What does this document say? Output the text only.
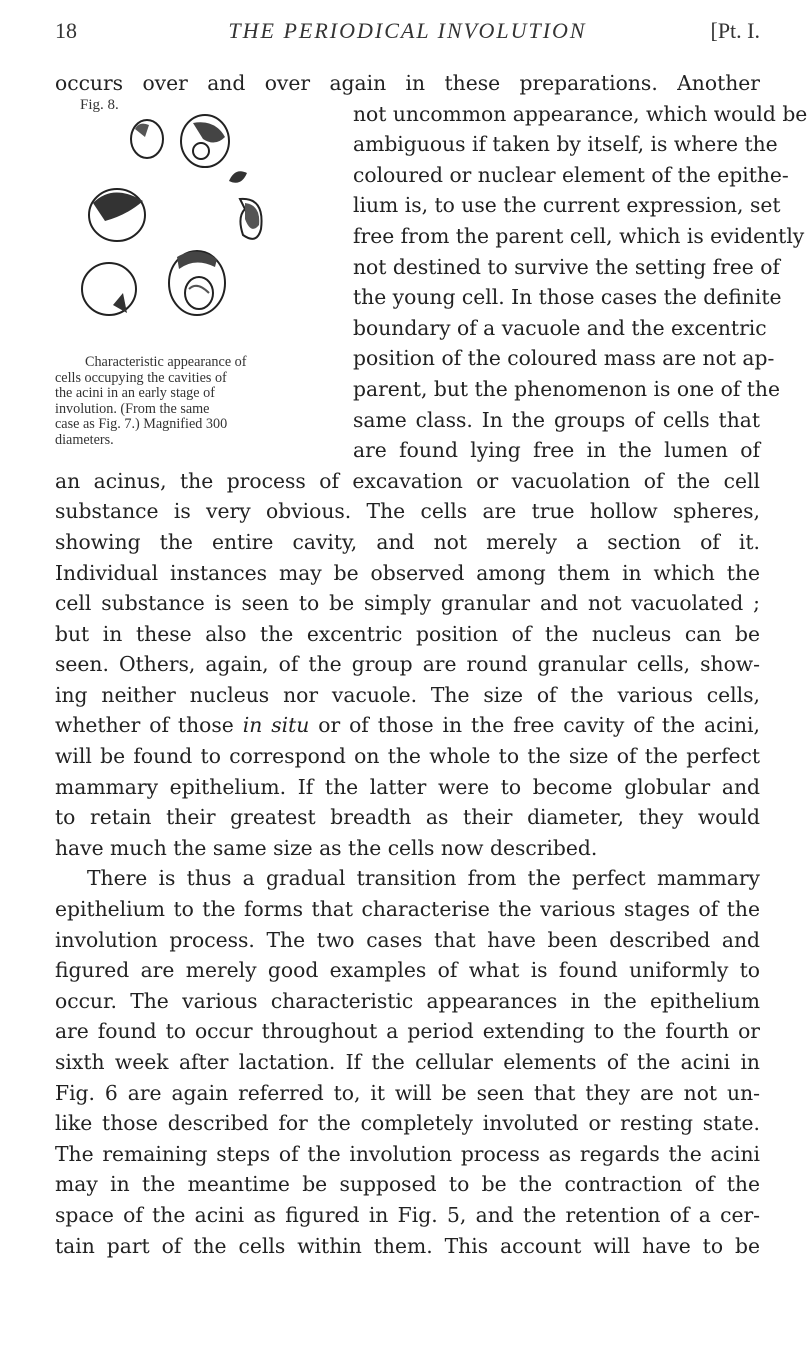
18	THE PERIODICAL INVOLUTION	[Pt. I.
Fig. 8.
Characteristic appearance of
cells occupying the cavities of
the acini in an early stage of
involution. (From the same
case as Fig. 7.) Magnified 300
diameters.
occurs over and over again in these preparations. Another
not uncommon appearance, which would be
ambiguous if taken by itself, is where the
coloured or nuclear element of the epithe-
lium is, to use the current expression, set
free from the parent cell, which is evidently
not destined to survive the setting free of
the young cell. In those cases the definite
boundary of a vacuole and the excentric
position of the coloured mass are not ap-
parent, but the phenomenon is one of the
same class. In the groups of cells that
are found lying free in the lumen of
an acinus, the process of excavation or vacuolation of the cell
substance is very obvious. The cells are true hollow spheres,
showing the entire cavity, and not merely a section of it.
Individual instances may be observed among them in which the
cell substance is seen to be simply granular and not vacuolated ;
but in these also the excentric position of the nucleus can be
seen. Others, again, of the group are round granular cells, show-
ing neither nucleus nor vacuole. The size of the various cells,
whether of those in situ or of those in the free cavity of the acini,
will be found to correspond on the whole to the size of the perfect
mammary epithelium. If the latter were to become globular and
to retain their greatest breadth as their diameter, they would
have much the same size as the cells now described.
There is thus a gradual transition from the perfect mammary
epithelium to the forms that characterise the various stages of the
involution process. The two cases that have been described and
figured are merely good examples of what is found uniformly to
occur. The various characteristic appearances in the epithelium
are found to occur throughout a period extending to the fourth or
sixth week after lactation. If the cellular elements of the acini in
Fig. 6 are again referred to, it will be seen that they are not un-
like those described for the completely involuted or resting state.
The remaining steps of the involution process as regards the acini
may in the meantime be supposed to be the contraction of the
space of the acini as figured in Fig. 5, and the retention of a cer-
tain part of the cells within them. This account will have to be
